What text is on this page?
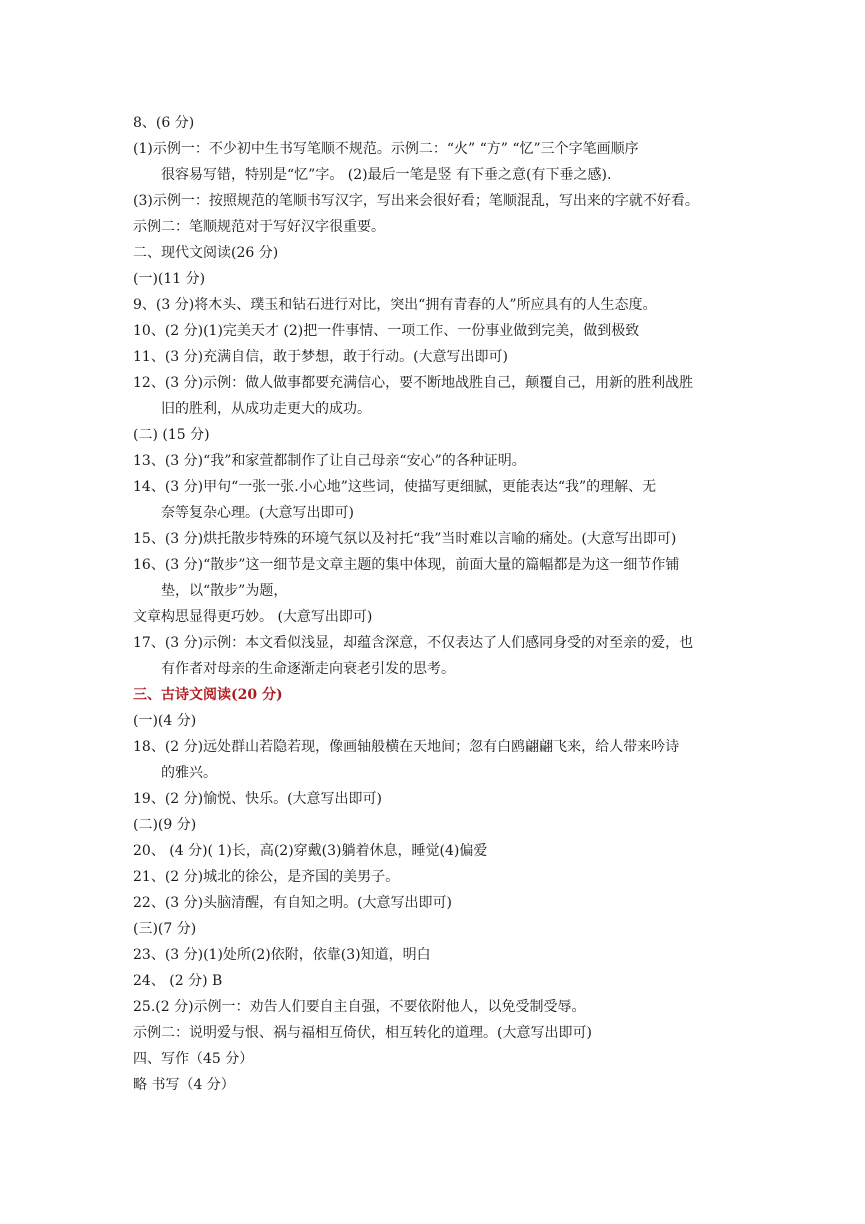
8、(6 分)
(1)示例一：不少初中生书写笔顺不规范。示例二：“火” “方” “忆”三个字笔画顺序
很容易写错，特别是“忆”字。 (2)最后一笔是竖 有下垂之意(有下垂之感).
(3)示例一：按照规范的笔顺书写汉字，写出来会很好看；笔顺混乱，写出来的字就不好看。
示例二：笔顺规范对于写好汉字很重要。
二、现代文阅读(26 分)
(一)(11 分)
9、(3 分)将木头、璞玉和钻石进行对比，突出“拥有青春的人”所应具有的人生态度。
10、(2 分)(1)完美天才 (2)把一件事情、一项工作、一份事业做到完美，做到极致
11、(3 分)充满自信，敢于梦想，敢于行动。(大意写出即可)
12、(3 分)示例：做人做事都要充满信心，要不断地战胜自己，颠覆自己，用新的胜利战胜
旧的胜利，从成功走更大的成功。
(二) (15 分)
13、(3 分)“我”和家萱都制作了让自己母亲“安心”的各种证明。
14、(3 分)甲句“一张一张.小心地”这些词，使描写更细腻，更能表达“我”的理解、无
奈等复杂心理。(大意写出即可)
15、(3 分)烘托散步特殊的环境气氛以及衬托“我”当时难以言喻的痛处。(大意写出即可)
16、(3 分)“散步”这一细节是文章主题的集中体现，前面大量的篇幅都是为这一细节作铺
垫，以“散步”为题，
文章构思显得更巧妙。 (大意写出即可)
17、(3 分)示例：本文看似浅显，却蕴含深意，不仅表达了人们感同身受的对至亲的爱，也
有作者对母亲的生命逐渐走向衰老引发的思考。
三、古诗文阅读(20 分)
(一)(4 分)
18、(2 分)远处群山若隐若现，像画轴般横在天地间；忽有白鸥翩翩飞来，给人带来吟诗
的雅兴。
19、(2 分)愉悦、快乐。(大意写出即可)
(二)(9 分)
20、 (4 分)( 1)长，高(2)穿戴(3)躺着休息，睡觉(4)偏爱
21、(2 分)城北的徐公，是齐国的美男子。
22、(3 分)头脑清醒，有自知之明。(大意写出即可)
(三)(7 分)
23、(3 分)(1)处所(2)依附，依靠(3)知道，明白
24、 (2 分) B
25.(2 分)示例一：劝告人们要自主自强，不要依附他人，以免受制受辱。
示例二：说明爱与恨、祸与福相互倚伏，相互转化的道理。(大意写出即可)
四、写作（45 分）
略 书写（4 分）
